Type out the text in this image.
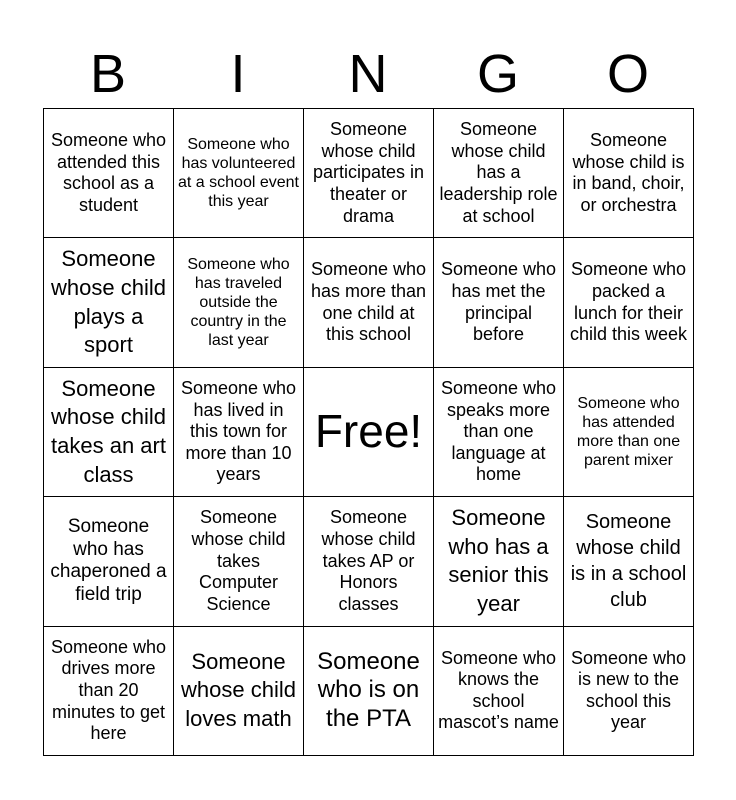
B	I	N	G	O
Someone who attended this school as a student	Someone who has volunteered at a school event this year	Someone whose child participates in theater or drama	Someone whose child has a leadership role at school	Someone whose child is in band, choir, or orchestra
Someone whose child plays a sport	Someone who has traveled outside the country in the last year	Someone who has more than one child at this school	Someone who has met the principal before	Someone who packed a lunch for their child this week
Someone whose child takes an art class	Someone who has lived in this town for more than 10 years	Free!	Someone who speaks more than one language at home	Someone who has attended more than one parent mixer
Someone who has chaperoned a field trip	Someone whose child takes Computer Science	Someone whose child takes AP or Honors classes	Someone who has a senior this year	Someone whose child is in a school club
Someone who drives more than 20 minutes to get here	Someone whose child loves math	Someone who is on the PTA	Someone who knows the school mascot’s name	Someone who is new to the school this year
